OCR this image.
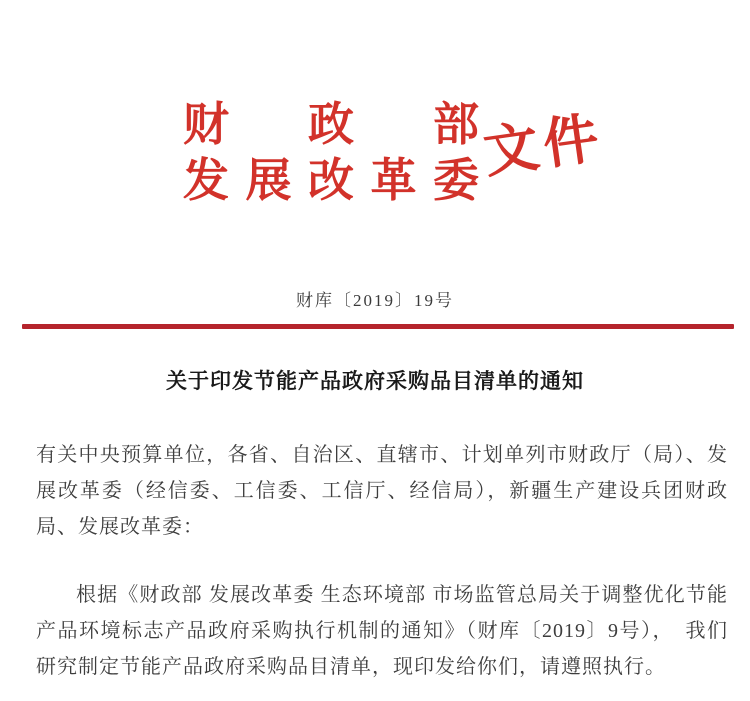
财 政 部
发 展 改 革 委 文件
财库〔2019〕19号
关于印发节能产品政府采购品目清单的通知

有关中央预算单位，各省、自治区、直辖市、计划单列市财政厅（局）、发展改革委（经信委、工信委、工信厅、经信局），新疆生产建设兵团财政局、发展改革委：

根据《财政部 发展改革委 生态环境部 市场监管总局关于调整优化节能产品环境标志产品政府采购执行机制的通知》（财库〔2019〕9号），　我们研究制定节能产品政府采购品目清单，现印发给你们，请遵照执行。
